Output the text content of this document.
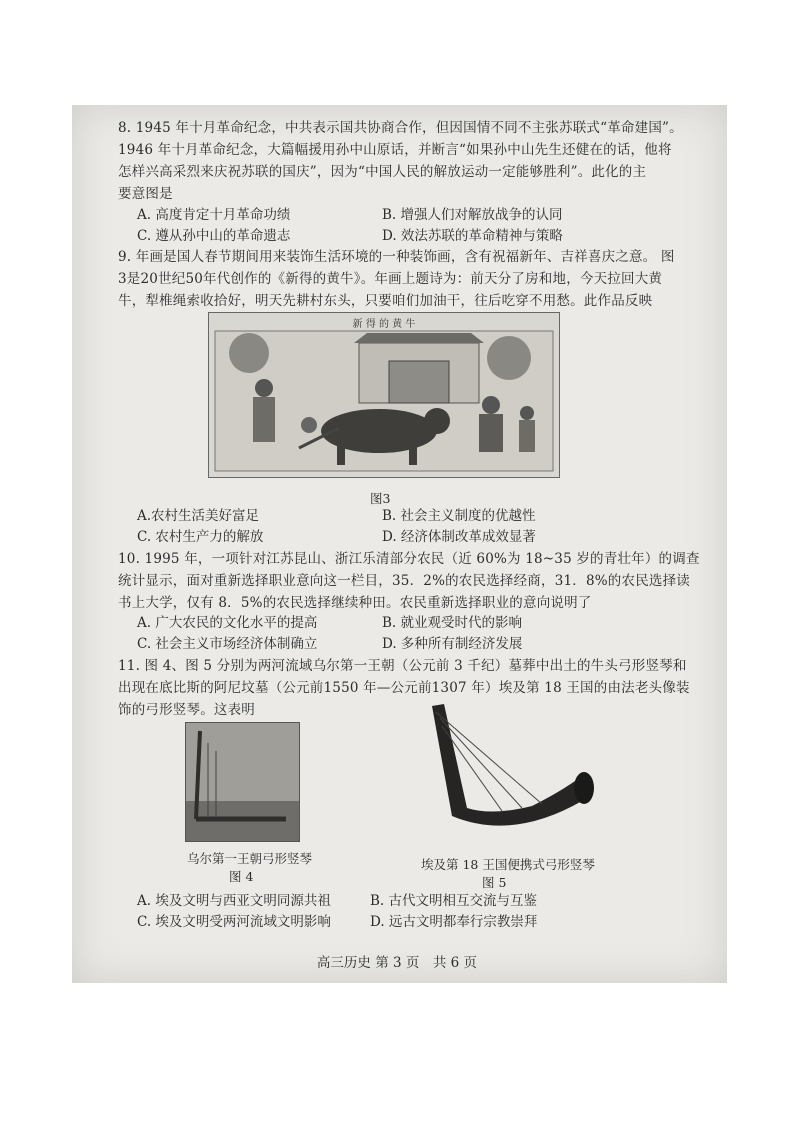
8. 1945 年十月革命纪念，中共表示国共协商合作，但因国情不同不主张苏联式“革命建国”。
1946 年十月革命纪念，大篇幅援用孙中山原话，并断言“如果孙中山先生还健在的话，他将
怎样兴高采烈来庆祝苏联的国庆”，因为“中国人民的解放运动一定能够胜利”。此化的主
要意图是
A. 高度肯定十月革命功绩	B. 增强人们对解放战争的认同
C. 遵从孙中山的革命遗志	D. 效法苏联的革命精神与策略
9. 年画是国人春节期间用来装饰生活环境的一种装饰画，含有祝福新年、吉祥喜庆之意。 图
3是20世纪50年代创作的《新得的黄牛》。年画上题诗为：前天分了房和地，今天拉回大黄
牛，犁椎绳索收拾好，明天先耕村东头，只要咱们加油干，往后吃穿不用愁。此作品反映
新 得 的 黄 牛
图3
A.农村生活美好富足	B. 社会主义制度的优越性
C. 农村生产力的解放	D. 经济体制改革成效显著
10. 1995 年，一项针对江苏昆山、浙江乐清部分农民（近 60%为 18~35 岁的青壮年）的调查
统计显示，面对重新选择职业意向这一栏目，35．2%的农民选择经商，31．8%的农民选择读
书上大学，仅有 8．5%的农民选择继续种田。农民重新选择职业的意向说明了
A. 广大农民的文化水平的提高	B. 就业观受时代的影响
C. 社会主义市场经济体制确立	D. 多种所有制经济发展
11. 图 4、图 5 分别为两河流域乌尔第一王朝（公元前 3 千纪）墓葬中出土的牛头弓形竖琴和
出现在底比斯的阿尼坟墓（公元前1550 年—公元前1307 年）埃及第 18 王国的由法老头像装
饰的弓形竖琴。这表明
乌尔第一王朝弓形竖琴
图 4
埃及第 18 王国便携式弓形竖琴
图 5
A. 埃及文明与西亚文明同源共祖	B. 古代文明相互交流与互鉴
C. 埃及文明受两河流域文明影响	D. 远古文明都奉行宗教崇拜
高三历史 第 3 页　共 6 页
